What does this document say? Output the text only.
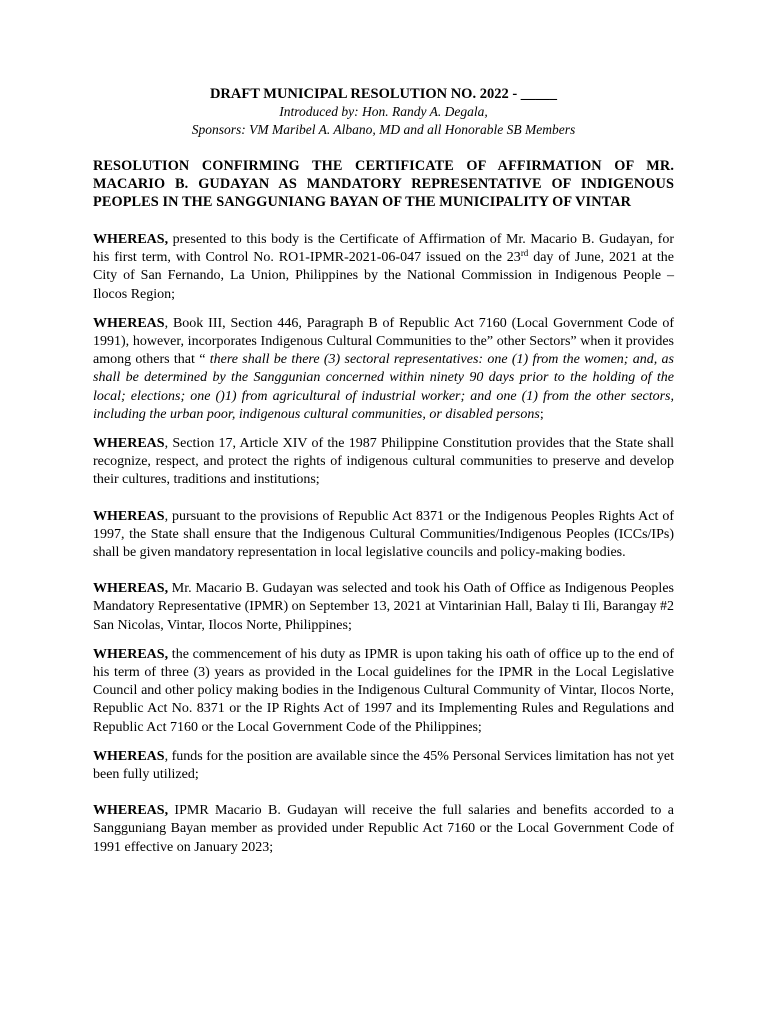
DRAFT MUNICIPAL RESOLUTION NO. 2022 - _____

Introduced by: Hon. Randy A. Degala,

Sponsors: VM Maribel A. Albano, MD and all Honorable SB Members

RESOLUTION CONFIRMING THE CERTIFICATE OF AFFIRMATION OF MR. MACARIO B. GUDAYAN AS MANDATORY REPRESENTATIVE OF INDIGENOUS PEOPLES IN THE SANGGUNIANG BAYAN OF THE MUNICIPALITY OF VINTAR

WHEREAS, presented to this body is the Certificate of Affirmation of Mr. Macario B. Gudayan, for his first term, with Control No. RO1-IPMR-2021-06-047 issued on the 23rd day of June, 2021 at the City of San Fernando, La Union, Philippines by the National Commission in Indigenous People – Ilocos Region;

WHEREAS, Book III, Section 446, Paragraph B of Republic Act 7160 (Local Government Code of 1991), however, incorporates Indigenous Cultural Communities to the” other Sectors” when it provides among others that “ there shall be there (3) sectoral representatives: one (1) from the women; and, as shall be determined by the Sanggunian concerned within ninety 90 days prior to the holding of the local; elections; one ()1) from agricultural of industrial worker; and one (1) from the other sectors, including the urban poor, indigenous cultural communities, or disabled persons;

WHEREAS, Section 17, Article XIV of the 1987 Philippine Constitution provides that the State shall recognize, respect, and protect the rights of indigenous cultural communities to preserve and develop their cultures, traditions and institutions;

WHEREAS, pursuant to the provisions of Republic Act 8371 or the Indigenous Peoples Rights Act of 1997, the State shall ensure that the Indigenous Cultural Communities/Indigenous Peoples (ICCs/IPs) shall be given mandatory representation in local legislative councils and policy-making bodies.

WHEREAS, Mr. Macario B. Gudayan was selected and took his Oath of Office as Indigenous Peoples Mandatory Representative (IPMR) on September 13, 2021 at Vintarinian Hall, Balay ti Ili, Barangay #2 San Nicolas, Vintar, Ilocos Norte, Philippines;

WHEREAS, the commencement of his duty as IPMR is upon taking his oath of office up to the end of his term of three (3) years as provided in the Local guidelines for the IPMR in the Local Legislative Council and other policy making bodies in the Indigenous Cultural Community of Vintar, Ilocos Norte, Republic Act No. 8371 or the IP Rights Act of 1997 and its Implementing Rules and Regulations and Republic Act 7160 or the Local Government Code of the Philippines;

WHEREAS, funds for the position are available since the 45% Personal Services limitation has not yet been fully utilized;

WHEREAS, IPMR Macario B. Gudayan will receive the full salaries and benefits accorded to a Sangguniang Bayan member as provided under Republic Act 7160 or the Local Government Code of 1991 effective on January 2023;
